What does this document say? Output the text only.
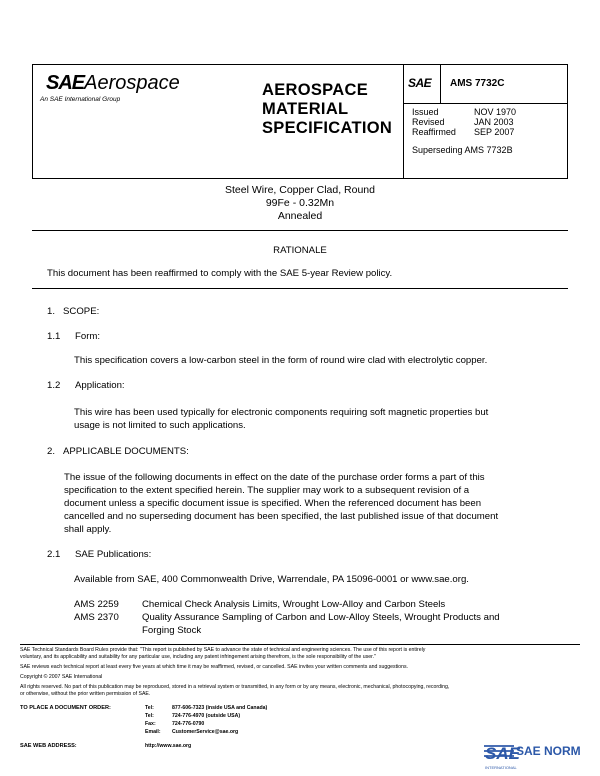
SAEAerospace
An SAE International Group
AEROSPACE
MATERIAL
SPECIFICATION
SAE AMS 7732C
Issued	NOV 1970
Revised	JAN 2003
Reaffirmed SEP 2007
Superseding AMS 7732B
Steel Wire, Copper Clad, Round
99Fe - 0.32Mn
Annealed
RATIONALE
This document has been reaffirmed to comply with the SAE 5-year Review policy.
1. SCOPE:
1.1 Form:
This specification covers a low-carbon steel in the form of round wire clad with electrolytic copper.
1.2 Application:
This wire has been used typically for electronic components requiring soft magnetic properties but
usage is not limited to such applications.
2. APPLICABLE DOCUMENTS:
The issue of the following documents in effect on the date of the purchase order forms a part of this
specification to the extent specified herein. The supplier may work to a subsequent revision of a
document unless a specific document issue is specified. When the referenced document has been
cancelled and no superseding document has been specified, the last published issue of that document
shall apply.
2.1 SAE Publications:
Available from SAE, 400 Commonwealth Drive, Warrendale, PA 15096-0001 or www.sae.org.
AMS 2259 Chemical Check Analysis Limits, Wrought Low-Alloy and Carbon Steels
AMS 2370 Quality Assurance Sampling of Carbon and Low-Alloy Steels, Wrought Products and
Forging Stock
SAE Technical Standards Board Rules provide that: "This report is published by SAE to advance the state of technical and engineering sciences. The use of this report is entirely
voluntary, and its applicability and suitability for any particular use, including any patent infringement arising therefrom, is the sole responsibility of the user."
SAE reviews each technical report at least every five years at which time it may be reaffirmed, revised, or cancelled. SAE invites your written comments and suggestions.
Copyright © 2007 SAE International
All rights reserved. No part of this publication may be reproduced, stored in a retrieval system or transmitted, in any form or by any means, electronic, mechanical, photocopying, recording,
or otherwise, without the prior written permission of SAE.
TO PLACE A DOCUMENT ORDER:	Tel:	877-606-7323 (inside USA and Canada)
Tel:	724-776-4970 (outside USA)
Fax:	724-776-0790
Email: CustomerService@sae.org
SAE WEB ADDRESS:	http://www.sae.org	SAE
SAE NORM
INTERNATIONAL
